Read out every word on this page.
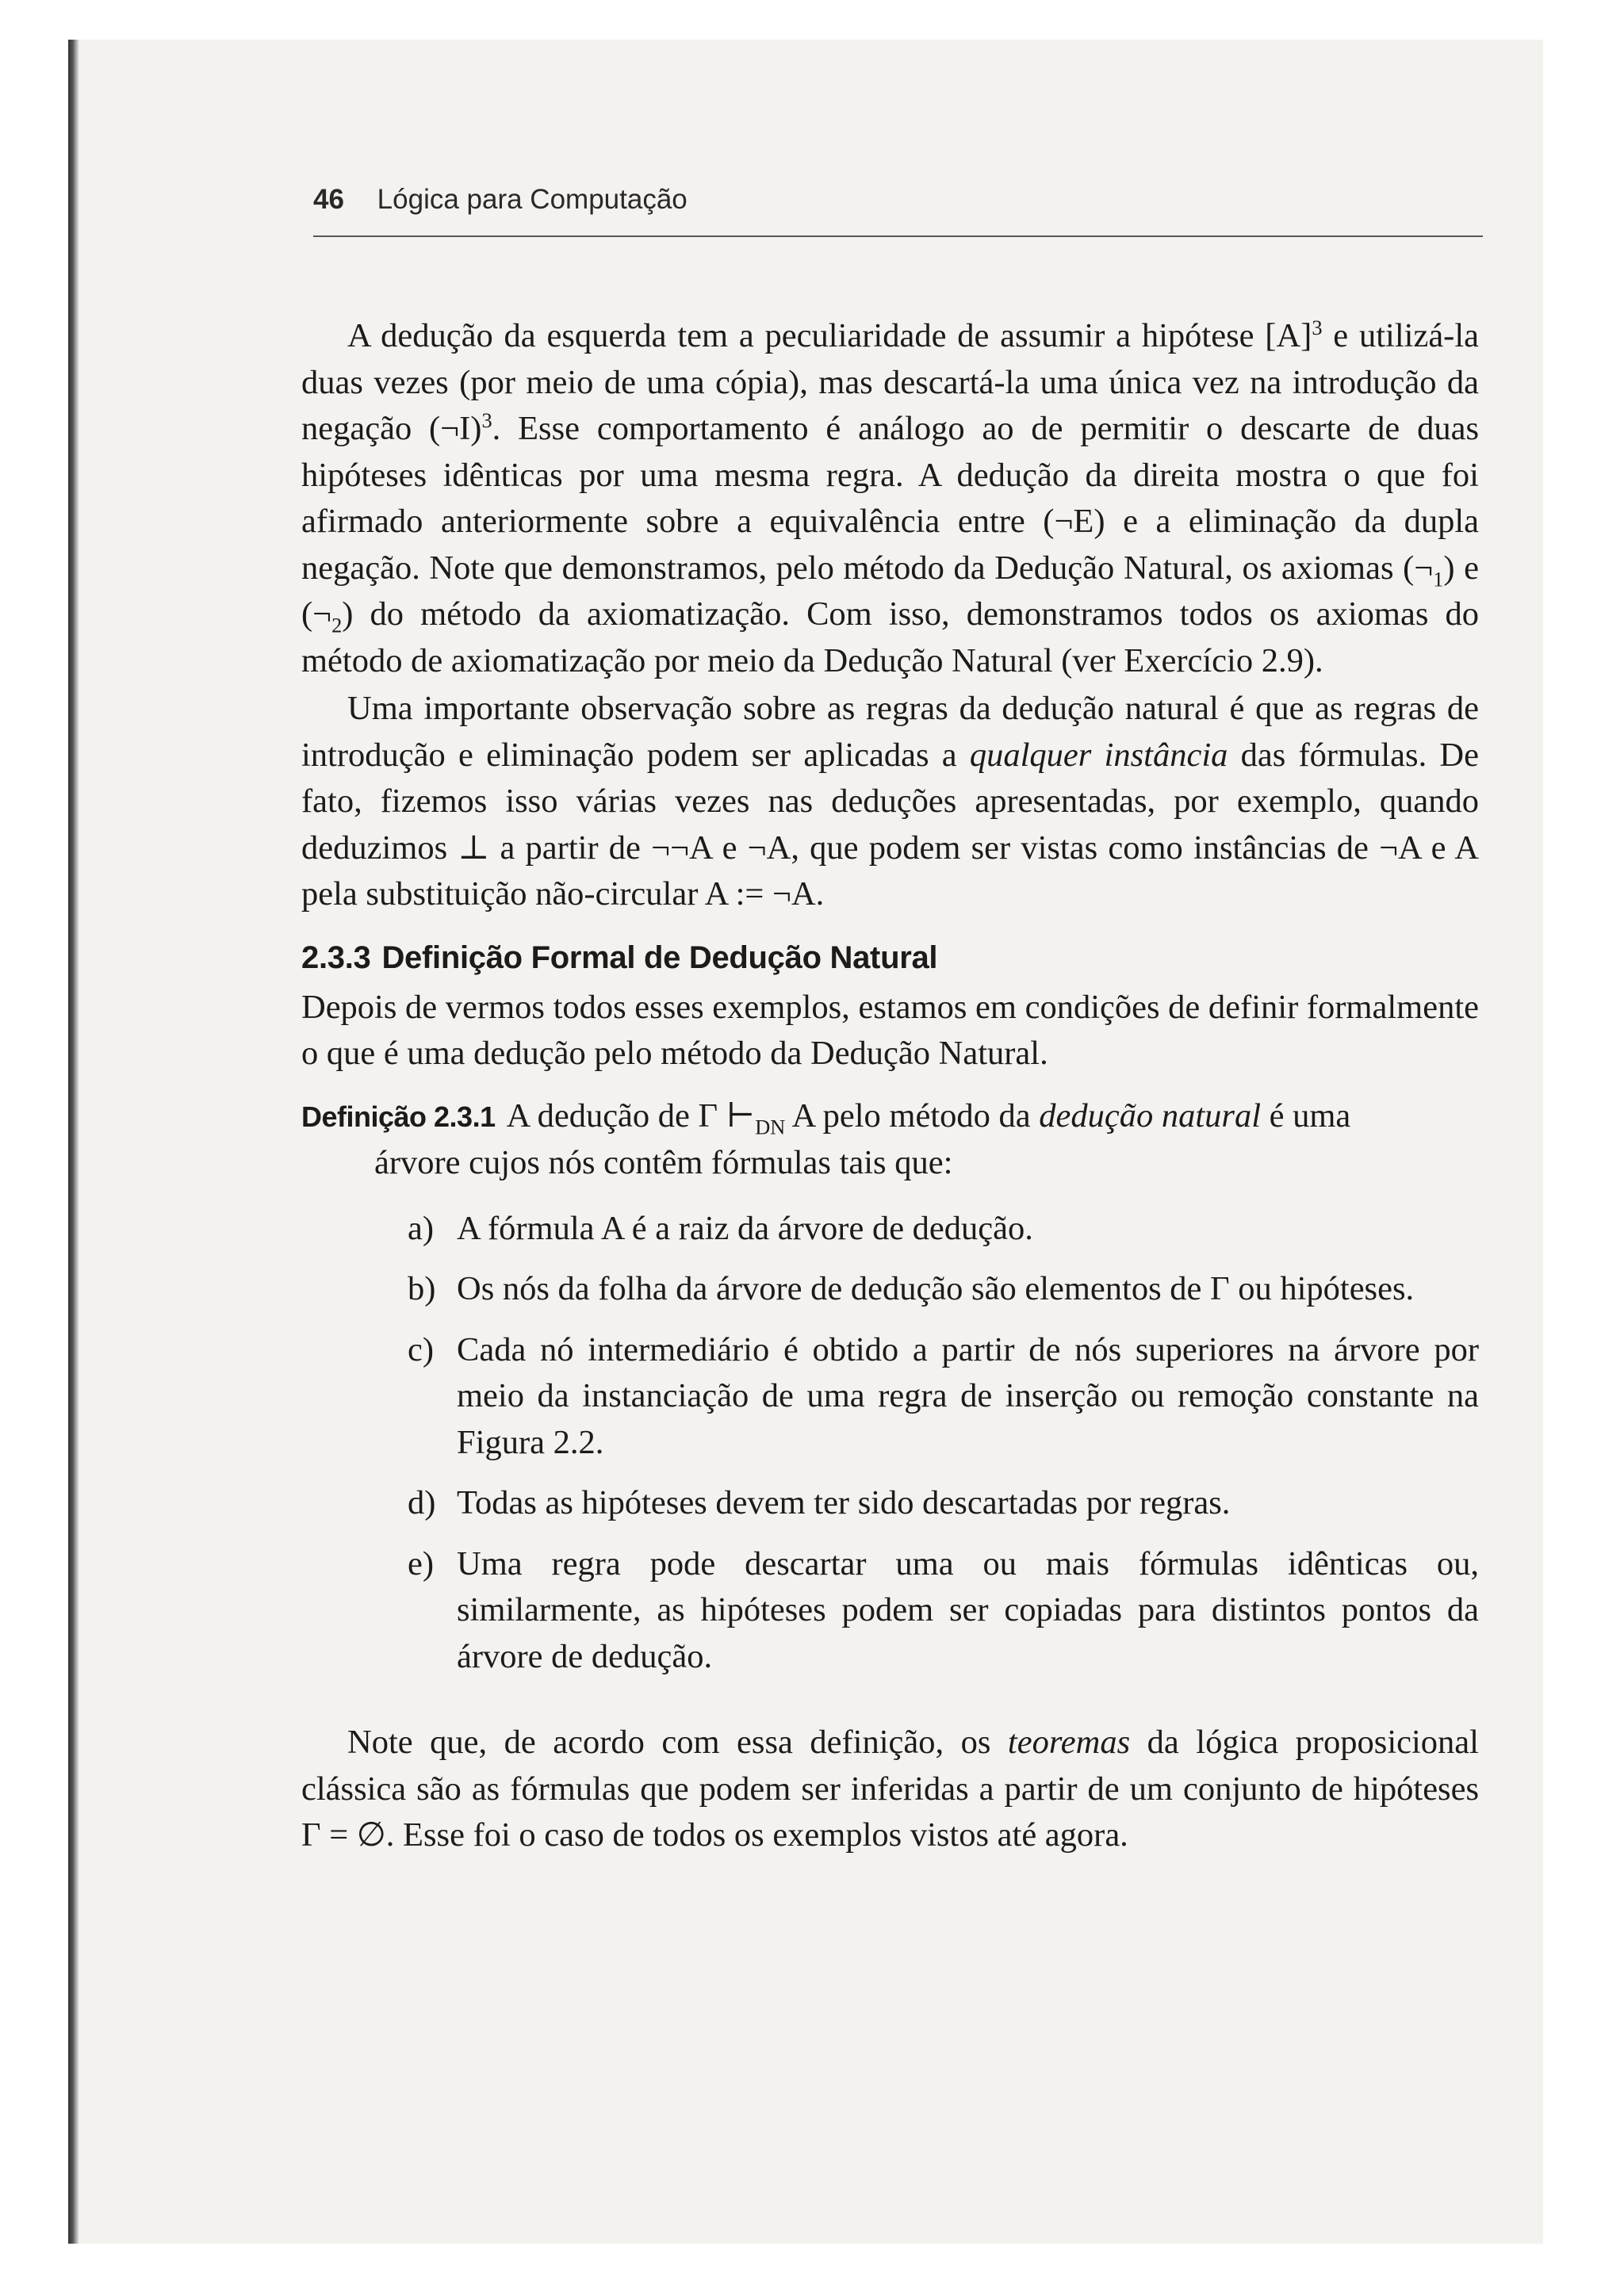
46 Lógica para Computação

A dedução da esquerda tem a peculiaridade de assumir a hipótese $[A]^3$ e utilizá-la duas vezes (por meio de uma cópia), mas descartá-la uma única vez na introdução da negação (¬I)$^3$. Esse comportamento é análogo ao de permitir o descarte de duas hipóteses idênticas por uma mesma regra. A dedução da direita mostra o que foi afirmado anteriormente sobre a equivalência entre (¬E) e a eliminação da dupla negação. Note que demonstramos, pelo método da Dedução Natural, os axiomas $(\neg_1)$ e $(\neg_2)$ do método da axiomatização. Com isso, demonstramos todos os axiomas do método de axiomatização por meio da Dedução Natural (ver Exercício 2.9).

Uma importante observação sobre as regras da dedução natural é que as regras de introdução e eliminação podem ser aplicadas a qualquer instância das fórmulas. De fato, fizemos isso várias vezes nas deduções apresentadas, por exemplo, quando deduzimos ⊥ a partir de ¬¬A e ¬A, que podem ser vistas como instâncias de ¬A e A pela substituição não-circular A := ¬A.

2.3.3 Definição Formal de Dedução Natural

Depois de vermos todos esses exemplos, estamos em condições de definir formalmente o que é uma dedução pelo método da Dedução Natural.

Definição 2.3.1 A dedução de Γ $⊢_{DN}$ A pelo método da dedução natural é uma
árvore cujos nós contêm fórmulas tais que:
a) A fórmula A é a raiz da árvore de dedução.
b) Os nós da folha da árvore de dedução são elementos de Γ ou hipóteses.
c) Cada nó intermediário é obtido a partir de nós superiores na árvore por meio da instanciação de uma regra de inserção ou remoção constante na Figura 2.2.
d) Todas as hipóteses devem ter sido descartadas por regras.
e) Uma regra pode descartar uma ou mais fórmulas idênticas ou, similarmente, as hipóteses podem ser copiadas para distintos pontos da árvore de dedução.

Note que, de acordo com essa definição, os teoremas da lógica proposicional clássica são as fórmulas que podem ser inferidas a partir de um conjunto de hipóteses Γ = ∅. Esse foi o caso de todos os exemplos vistos até agora.
